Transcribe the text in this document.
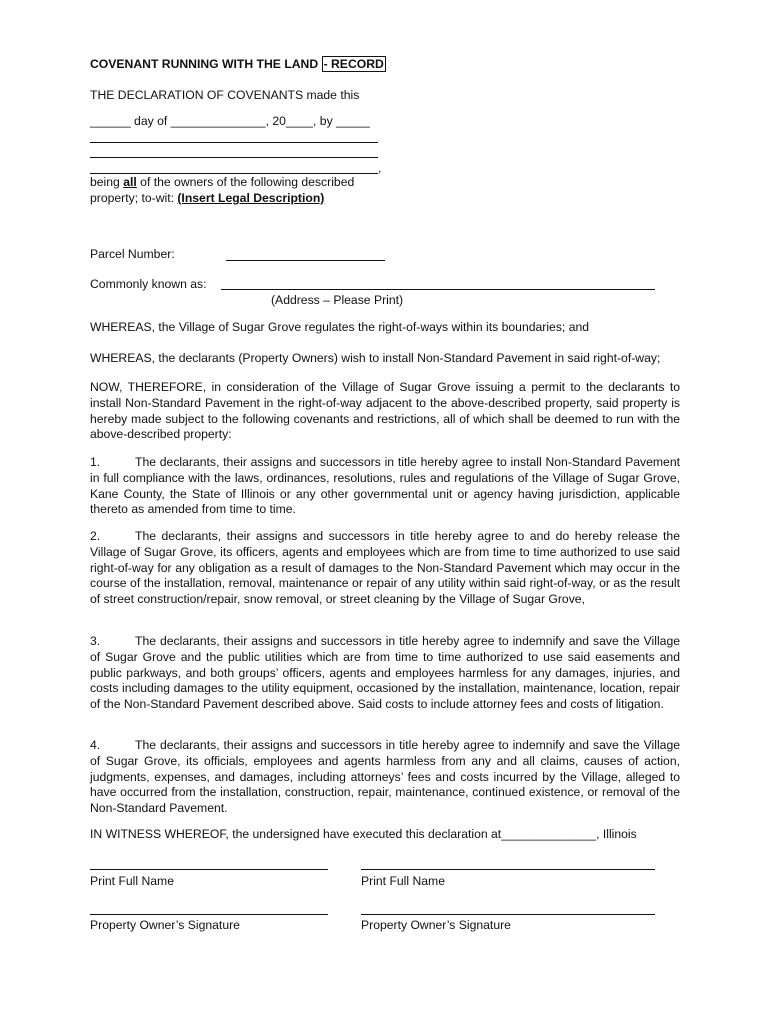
COVENANT RUNNING WITH THE LAND - RECORD
THE DECLARATION OF COVENANTS made this
______ day of ______________, 20____, by _____
,
being all of the owners of the following described
property; to-wit: (Insert Legal Description)
Parcel Number:
Commonly known as:
(Address – Please Print)

WHEREAS, the Village of Sugar Grove regulates the right-of-ways within its boundaries; and

WHEREAS, the declarants (Property Owners) wish to install Non-Standard Pavement in said right-of-way;

NOW, THEREFORE, in consideration of the Village of Sugar Grove issuing a permit to the declarants to install Non-Standard Pavement in the right-of-way adjacent to the above-described property, said property is hereby made subject to the following covenants and restrictions, all of which shall be deemed to run with the above-described property:

1.	The declarants, their assigns and successors in title hereby agree to install Non-Standard Pavement in full compliance with the laws, ordinances, resolutions, rules and regulations of the Village of Sugar Grove, Kane County, the State of Illinois or any other governmental unit or agency having jurisdiction, applicable thereto as amended from time to time.

2.	The declarants, their assigns and successors in title hereby agree to and do hereby release the Village of Sugar Grove, its officers, agents and employees which are from time to time authorized to use said right-of-way for any obligation as a result of damages to the Non-Standard Pavement which may occur in the course of the installation, removal, maintenance or repair of any utility within said right-of-way, or as the result of street construction/repair, snow removal, or street cleaning by the Village of Sugar Grove,

3.	The declarants, their assigns and successors in title hereby agree to indemnify and save the Village of Sugar Grove and the public utilities which are from time to time authorized to use said easements and public parkways, and both groups’ officers, agents and employees harmless for any damages, injuries, and costs including damages to the utility equipment, occasioned by the installation, maintenance, location, repair of the Non-Standard Pavement described above. Said costs to include attorney fees and costs of litigation.

4.	The declarants, their assigns and successors in title hereby agree to indemnify and save the Village of Sugar Grove, its officials, employees and agents harmless from any and all claims, causes of action, judgments, expenses, and damages, including attorneys’ fees and costs incurred by the Village, alleged to have occurred from the installation, construction, repair, maintenance, continued existence, or removal of the Non-Standard Pavement.

IN WITNESS WHEREOF, the undersigned have executed this declaration at______________, Illinois
Print Full Name	Print Full Name
Property Owner’s Signature	Property Owner’s Signature
